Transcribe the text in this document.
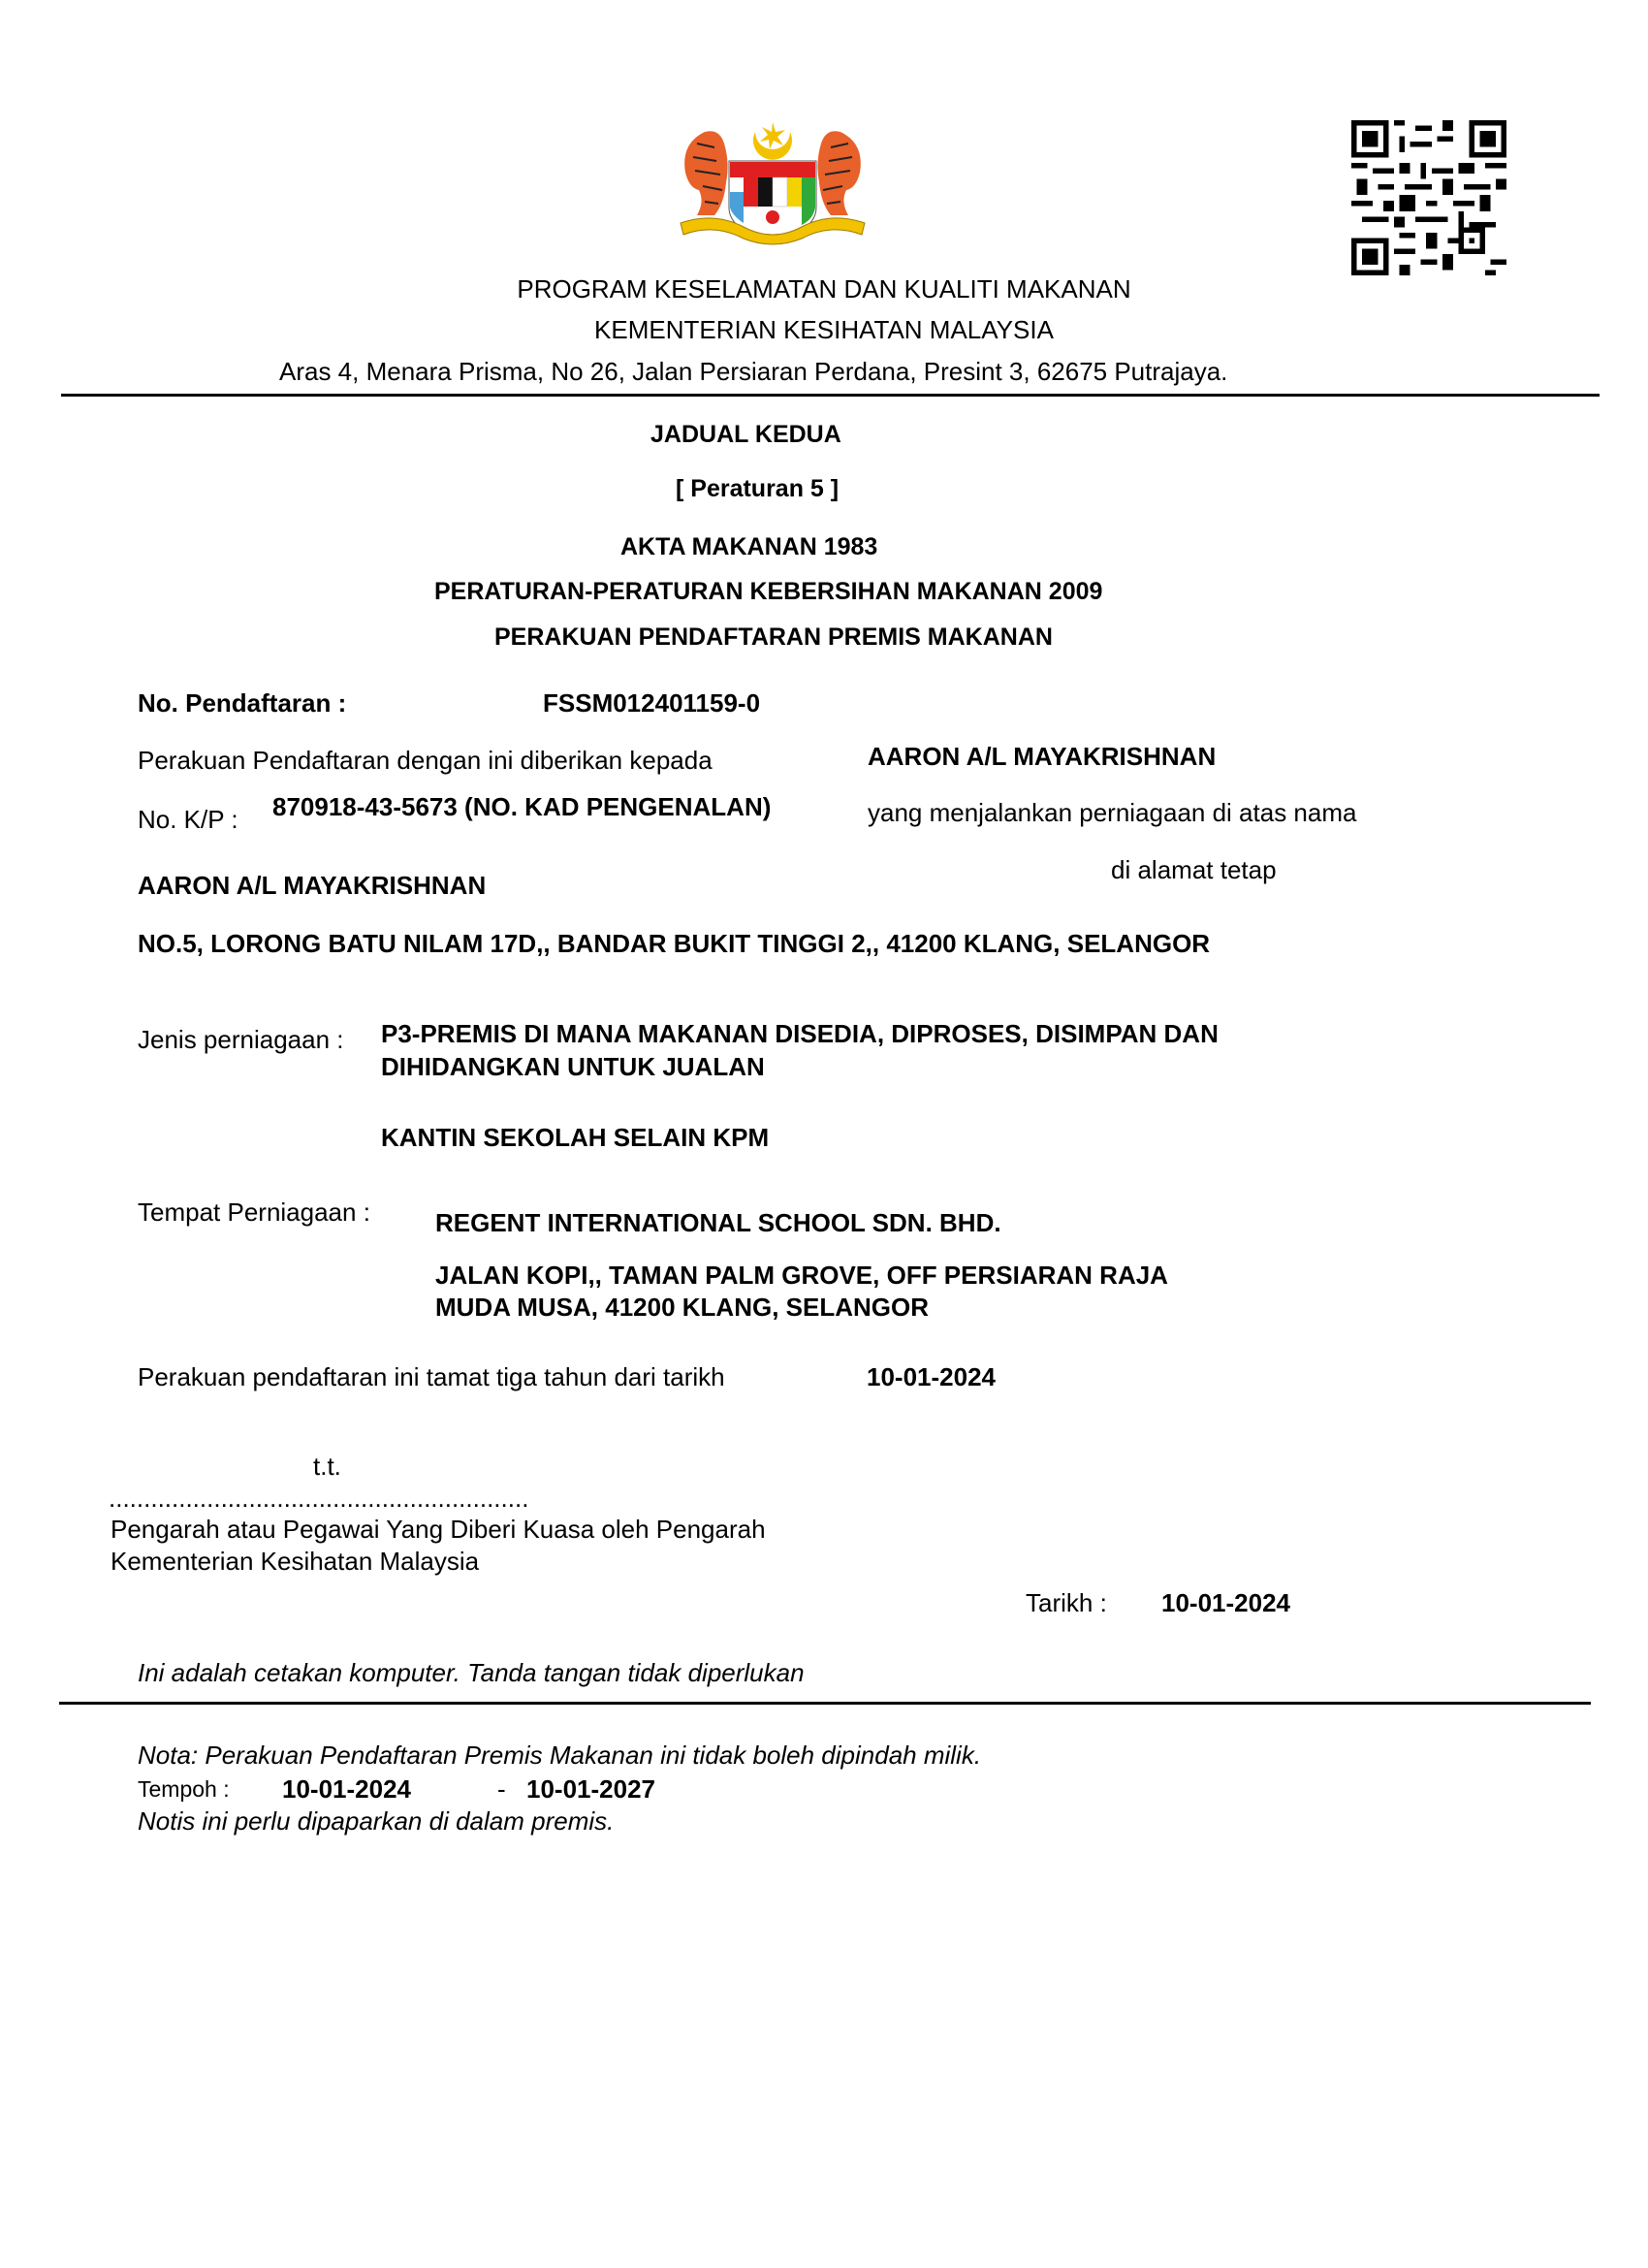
PROGRAM KESELAMATAN DAN KUALITI MAKANAN
KEMENTERIAN KESIHATAN MALAYSIA
Aras 4, Menara Prisma, No 26, Jalan Persiaran Perdana, Presint 3, 62675 Putrajaya.
JADUAL KEDUA
[ Peraturan 5 ]
AKTA MAKANAN 1983
PERATURAN-PERATURAN KEBERSIHAN MAKANAN 2009
PERAKUAN PENDAFTARAN PREMIS MAKANAN
No. Pendaftaran :	FSSM012401159-0
Perakuan Pendaftaran dengan ini diberikan kepada	AARON A/L MAYAKRISHNAN
No. K/P : 870918-43-5673 (NO. KAD PENGENALAN)	yang menjalankan perniagaan di atas nama
di alamat tetap
AARON A/L MAYAKRISHNAN
NO.5, LORONG BATU NILAM 17D,, BANDAR BUKIT TINGGI 2,, 41200 KLANG, SELANGOR
Jenis perniagaan : P3-PREMIS DI MANA MAKANAN DISEDIA, DIPROSES, DISIMPAN DAN
DIHIDANGKAN UNTUK JUALAN
KANTIN SEKOLAH SELAIN KPM
Tempat Perniagaan :	REGENT INTERNATIONAL SCHOOL SDN. BHD.
JALAN KOPI,, TAMAN PALM GROVE, OFF PERSIARAN RAJA
MUDA MUSA, 41200 KLANG, SELANGOR
Perakuan pendaftaran ini tamat tiga tahun dari tarikh	10-01-2024
t.t.
............................................................
Pengarah atau Pegawai Yang Diberi Kuasa oleh Pengarah
Kementerian Kesihatan Malaysia
Tarikh : 10-01-2024
Ini adalah cetakan komputer. Tanda tangan tidak diperlukan
Nota: Perakuan Pendaftaran Premis Makanan ini tidak boleh dipindah milik.
Tempoh : 10-01-2024	- 10-01-2027
Notis ini perlu dipaparkan di dalam premis.
